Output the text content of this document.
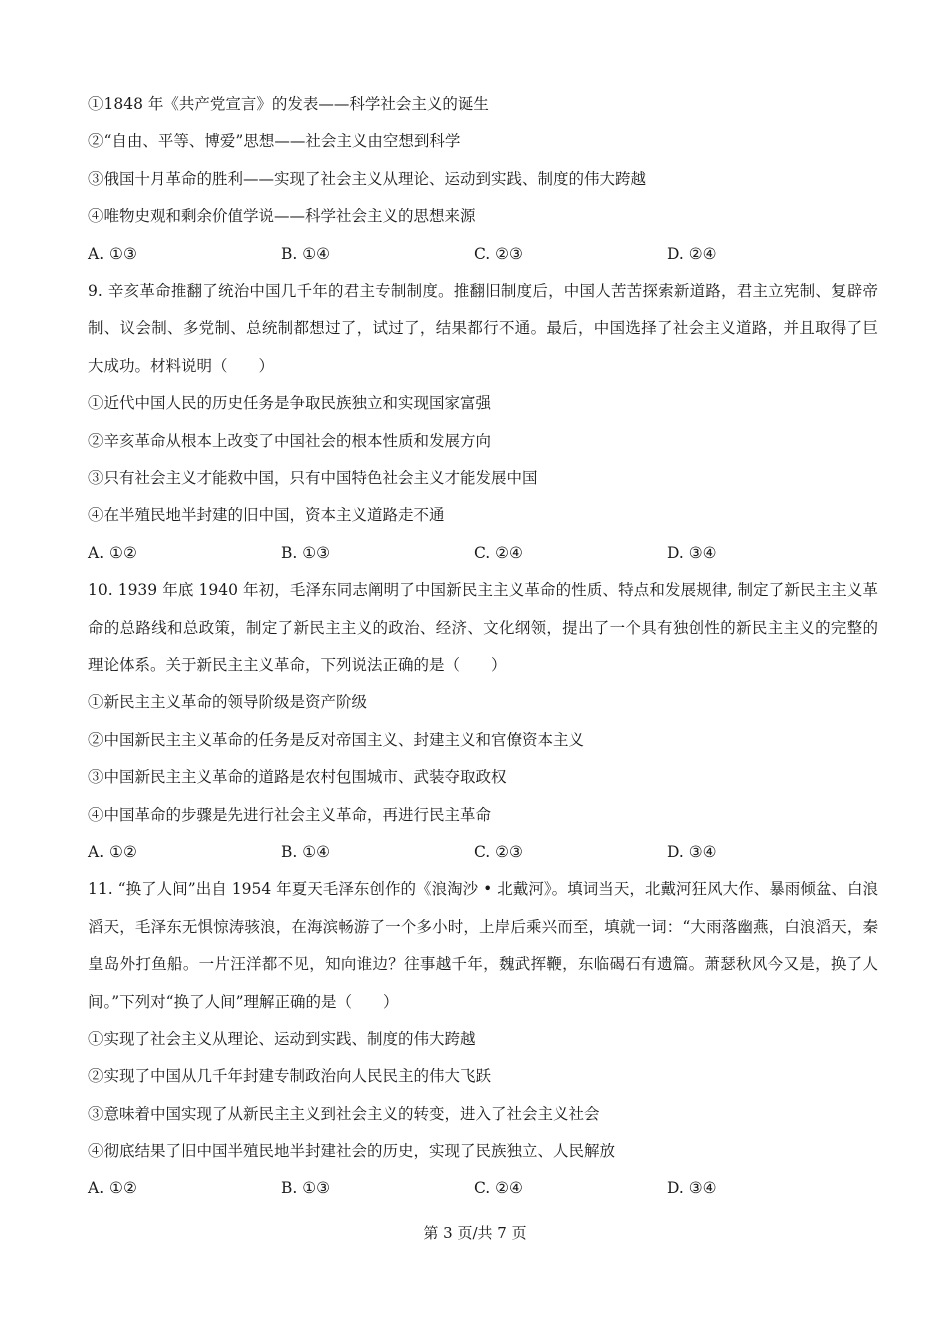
①1848 年《共产党宣言》的发表——科学社会主义的诞生
②“自由、平等、博爱”思想——社会主义由空想到科学
③俄国十月革命的胜利——实现了社会主义从理论、运动到实践、制度的伟大跨越
④唯物史观和剩余价值学说——科学社会主义的思想来源
A. ①③	B. ①④	C. ②③	D. ②④
9. 辛亥革命推翻了统治中国几千年的君主专制制度。推翻旧制度后，中国人苦苦探索新道路，君主立宪制、复辟帝制、议会制、多党制、总统制都想过了，试过了，结果都行不通。最后，中国选择了社会主义道路，并且取得了巨大成功。材料说明（　　）
①近代中国人民的历史任务是争取民族独立和实现国家富强
②辛亥革命从根本上改变了中国社会的根本性质和发展方向
③只有社会主义才能救中国，只有中国特色社会主义才能发展中国
④在半殖民地半封建的旧中国，资本主义道路走不通
A. ①②	B. ①③	C. ②④	D. ③④
10. 1939 年底 1940 年初，毛泽东同志阐明了中国新民主主义革命的性质、特点和发展规律, 制定了新民主主义革命的总路线和总政策，制定了新民主主义的政治、经济、文化纲领，提出了一个具有独创性的新民主主义的完整的理论体系。关于新民主主义革命，下列说法正确的是（　　）
①新民主主义革命的领导阶级是资产阶级
②中国新民主主义革命的任务是反对帝国主义、封建主义和官僚资本主义
③中国新民主主义革命的道路是农村包围城市、武装夺取政权
④中国革命的步骤是先进行社会主义革命，再进行民主革命
A. ①②	B. ①④	C. ②③	D. ③④
11. “换了人间”出自 1954 年夏天毛泽东创作的《浪淘沙 • 北戴河》。填词当天，北戴河狂风大作、暴雨倾盆、白浪滔天，毛泽东无惧惊涛骇浪，在海滨畅游了一个多小时，上岸后乘兴而至，填就一词：“大雨落幽燕，白浪滔天，秦皇岛外打鱼船。一片汪洋都不见，知向谁边？往事越千年，魏武挥鞭，东临碣石有遗篇。萧瑟秋风今又是，换了人间。”下列对“换了人间”理解正确的是（　　）
①实现了社会主义从理论、运动到实践、制度的伟大跨越
②实现了中国从几千年封建专制政治向人民民主的伟大飞跃
③意味着中国实现了从新民主主义到社会主义的转变，进入了社会主义社会
④彻底结果了旧中国半殖民地半封建社会的历史，实现了民族独立、人民解放
A. ①②	B. ①③	C. ②④	D. ③④
第 3 页/共 7 页
